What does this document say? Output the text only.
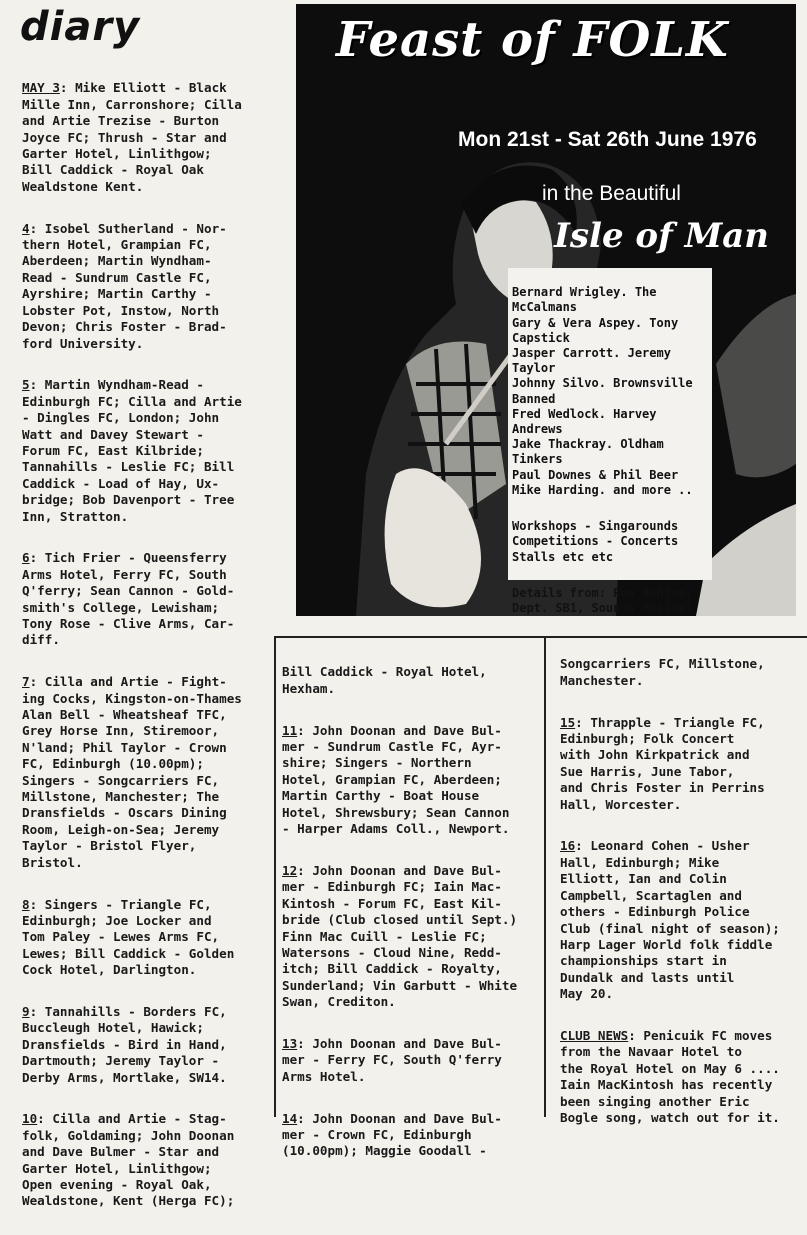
diary

MAY 3: Mike Elliott - Black
Mille Inn, Carronshore; Cilla
and Artie Trezise - Burton
Joyce FC; Thrush - Star and
Garter Hotel, Linlithgow;
Bill Caddick - Royal Oak
Wealdstone Kent.

4: Isobel Sutherland - Nor-
thern Hotel, Grampian FC,
Aberdeen; Martin Wyndham-
Read - Sundrum Castle FC,
Ayrshire; Martin Carthy -
Lobster Pot, Instow, North
Devon; Chris Foster - Brad-
ford University.

5: Martin Wyndham-Read -
Edinburgh FC; Cilla and Artie
- Dingles FC, London; John
Watt and Davey Stewart -
Forum FC, East Kilbride;
Tannahills - Leslie FC; Bill
Caddick - Load of Hay, Ux-
bridge; Bob Davenport - Tree
Inn, Stratton.

6: Tich Frier - Queensferry
Arms Hotel, Ferry FC, South
Q'ferry; Sean Cannon - Gold-
smith's College, Lewisham;
Tony Rose - Clive Arms, Car-
diff.

7: Cilla and Artie - Fight-
ing Cocks, Kingston-on-Thames
Alan Bell - Wheatsheaf TFC,
Grey Horse Inn, Stiremoor,
N'land; Phil Taylor - Crown
FC, Edinburgh (10.00pm);
Singers - Songcarriers FC,
Millstone, Manchester; The
Dransfields - Oscars Dining
Room, Leigh-on-Sea; Jeremy
Taylor - Bristol Flyer,
Bristol.

8: Singers - Triangle FC,
Edinburgh; Joe Locker and
Tom Paley - Lewes Arms FC,
Lewes; Bill Caddick - Golden
Cock Hotel, Darlington.

9: Tannahills - Borders FC,
Buccleugh Hotel, Hawick;
Dransfields - Bird in Hand,
Dartmouth; Jeremy Taylor -
Derby Arms, Mortlake, SW14.

10: Cilla and Artie - Stag-
folk, Goldaming; John Doonan
and Dave Bulmer - Star and
Garter Hotel, Linlithgow;
Open evening - Royal Oak,
Wealdstone, Kent (Herga FC);

Bill Caddick - Royal Hotel,
Hexham.

11: John Doonan and Dave Bul-
mer - Sundrum Castle FC, Ayr-
shire; Singers - Northern
Hotel, Grampian FC, Aberdeen;
Martin Carthy - Boat House
Hotel, Shrewsbury; Sean Cannon
- Harper Adams Coll., Newport.

12: John Doonan and Dave Bul-
mer - Edinburgh FC; Iain Mac-
Kintosh - Forum FC, East Kil-
bride (Club closed until Sept.)
Finn Mac Cuill - Leslie FC;
Watersons - Cloud Nine, Redd-
itch; Bill Caddick - Royalty,
Sunderland; Vin Garbutt - White
Swan, Crediton.

13: John Doonan and Dave Bul-
mer - Ferry FC, South Q'ferry
Arms Hotel.

14: John Doonan and Dave Bul-
mer - Crown FC, Edinburgh
(10.00pm); Maggie Goodall -

Songcarriers FC, Millstone,
Manchester.

15: Thrapple - Triangle FC,
Edinburgh; Folk Concert
with John Kirkpatrick and
Sue Harris, June Tabor,
and Chris Foster in Perrins
Hall, Worcester.

16: Leonard Cohen - Usher
Hall, Edinburgh; Mike
Elliott, Ian and Colin
Campbell, Scartaglen and
others - Edinburgh Police
Club (final night of season);
Harp Lager World folk fiddle
championships start in
Dundalk and lasts until
May 20.

CLUB NEWS: Penicuik FC moves
from the Navaar Hotel to
the Royal Hotel on May 6 ....
Iain MacKintosh has recently
been singing another Eric
Bogle song, watch out for it.

Feast of FOLK
Mon 21st - Sat 26th June 1976
in the Beautiful
Isle of Man

Bernard Wrigley. The McCalmans
Gary & Vera Aspey. Tony Capstick
Jasper Carrott. Jeremy Taylor
Johnny Silvo. Brownsville Banned
Fred Wedlock. Harvey Andrews
Jake Thackray. Oldham Tinkers
Paul Downes & Phil Beer
Mike Harding. and more ..

Workshops - Singarounds
Competitions - Concerts
Stalls etc etc

Details from: Ron Ashton,
Dept. SB1, Sounds Musical
